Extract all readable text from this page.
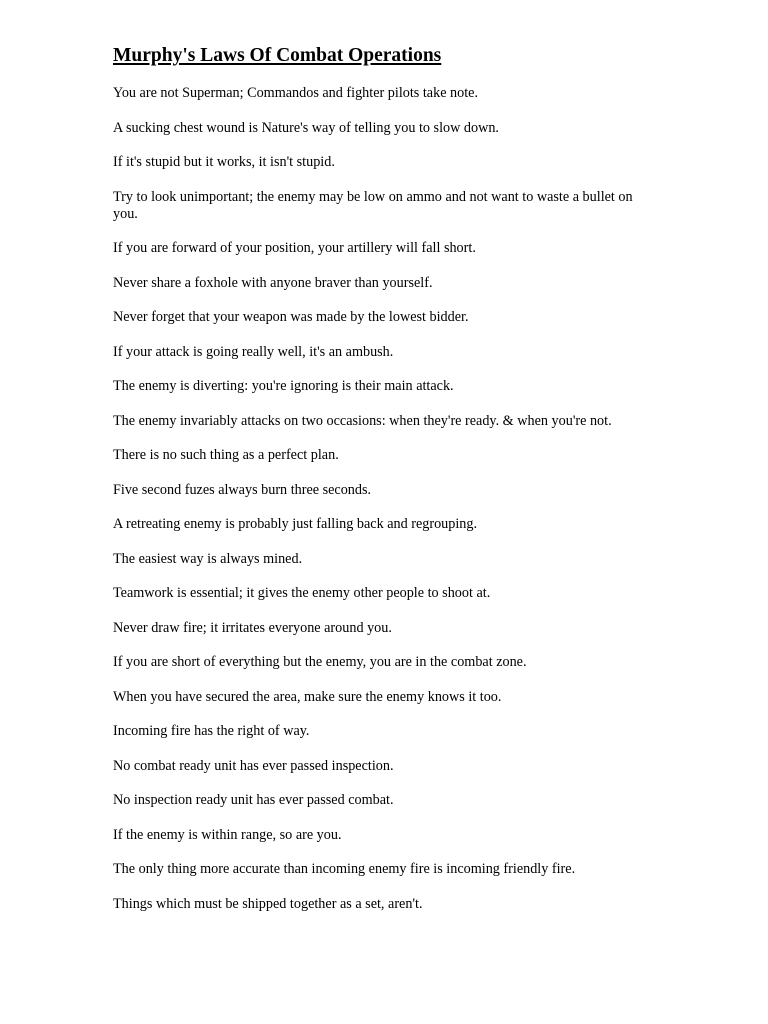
Murphy's Laws Of Combat Operations
You are not Superman; Commandos and fighter pilots take note.
A sucking chest wound is Nature's way of telling you to slow down.
If it's stupid but it works, it isn't stupid.
Try to look unimportant; the enemy may be low on ammo and not want to waste a bullet on you.
If you are forward of your position, your artillery will fall short.
Never share a foxhole with anyone braver than yourself.
Never forget that your weapon was made by the lowest bidder.
If your attack is going really well, it's an ambush.
The enemy is diverting: you're ignoring is their main attack.
The enemy invariably attacks on two occasions: when they're ready. & when you're not.
There is no such thing as a perfect plan.
Five second fuzes always burn three seconds.
A retreating enemy is probably just falling back and regrouping.
The easiest way is always mined.
Teamwork is essential; it gives the enemy other people to shoot at.
Never draw fire; it irritates everyone around you.
If you are short of everything but the enemy, you are in the combat zone.
When you have secured the area, make sure the enemy knows it too.
Incoming fire has the right of way.
No combat ready unit has ever passed inspection.
No inspection ready unit has ever passed combat.
If the enemy is within range, so are you.
The only thing more accurate than incoming enemy fire is incoming friendly fire.
Things which must be shipped together as a set, aren't.
